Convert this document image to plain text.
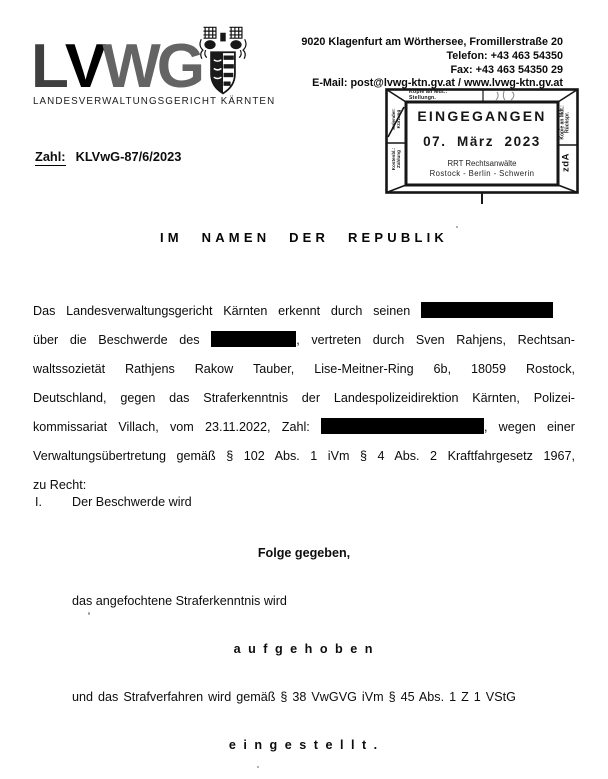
LVWG
LANDESVERWALTUNGSGERICHT KÄRNTEN
9020 Klagenfurt am Wörthersee, Fromillerstraße 20
Telefon: +43 463 54350
Fax: +43 463 54350 29
E-Mail: post@lvwg-ktn.gv.at / www.lvwg-ktn.gv.at
Kopie an Mdt.:
Stellungn.
EINGEGANGEN
07. März 2023
RRT Rechtsanwälte
Rostock - Berlin - Schwerin
Kopie an Mdt.: Rückspr.
zdA
Kalender: Kürzung
Kostenbl.: Zahlung
Zahl: KLVwG-87/6/2023
IM NAMEN DER REPUBLIK
Das Landesverwaltungsgericht Kärnten erkennt durch seinen
über die Beschwerde des	, vertreten durch Sven Rahjens, Rechtsan-
waltssozietät Rathjens Rakow Tauber, Lise-Meitner-Ring 6b, 18059 Rostock,
Deutschland, gegen das Straferkenntnis der Landespolizeidirektion Kärnten, Polizei-
kommissariat Villach, vom 23.11.2022, Zahl:	, wegen einer
Verwaltungsübertretung gemäß § 102 Abs. 1 iVm § 4 Abs. 2 Kraftfahrgesetz 1967,
zu Recht:
I. Der Beschwerde wird
Folge gegeben,
das angefochtene Straferkenntnis wird
a u f g e h o b e n
und das Strafverfahren wird gemäß § 38 VwGVG iVm § 45 Abs. 1 Z 1 VStG
e i n g e s t e l l t .
